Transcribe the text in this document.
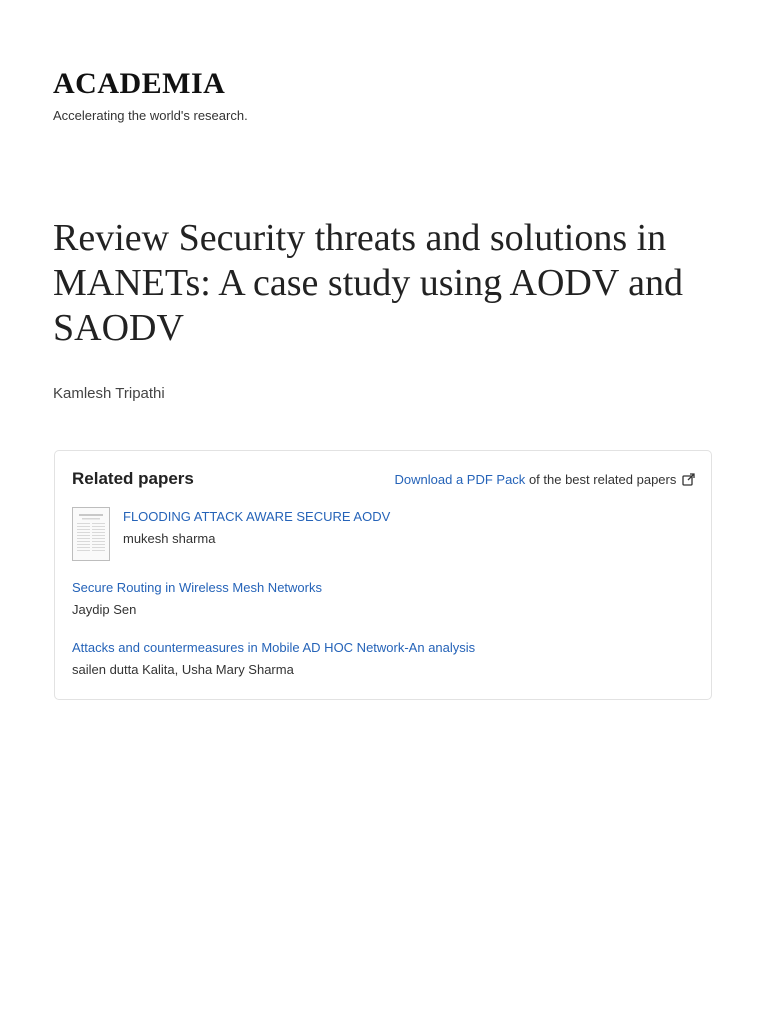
ACADEMIA
Accelerating the world's research.
Review Security threats and solutions in MANETs: A case study using AODV and SAODV
Kamlesh Tripathi
Related papers	Download a PDF Pack of the best related papers
FLOODING ATTACK AWARE SECURE AODV
mukesh sharma
Secure Routing in Wireless Mesh Networks
Jaydip Sen
Attacks and countermeasures in Mobile AD HOC Network-An analysis
sailen dutta Kalita, Usha Mary Sharma
